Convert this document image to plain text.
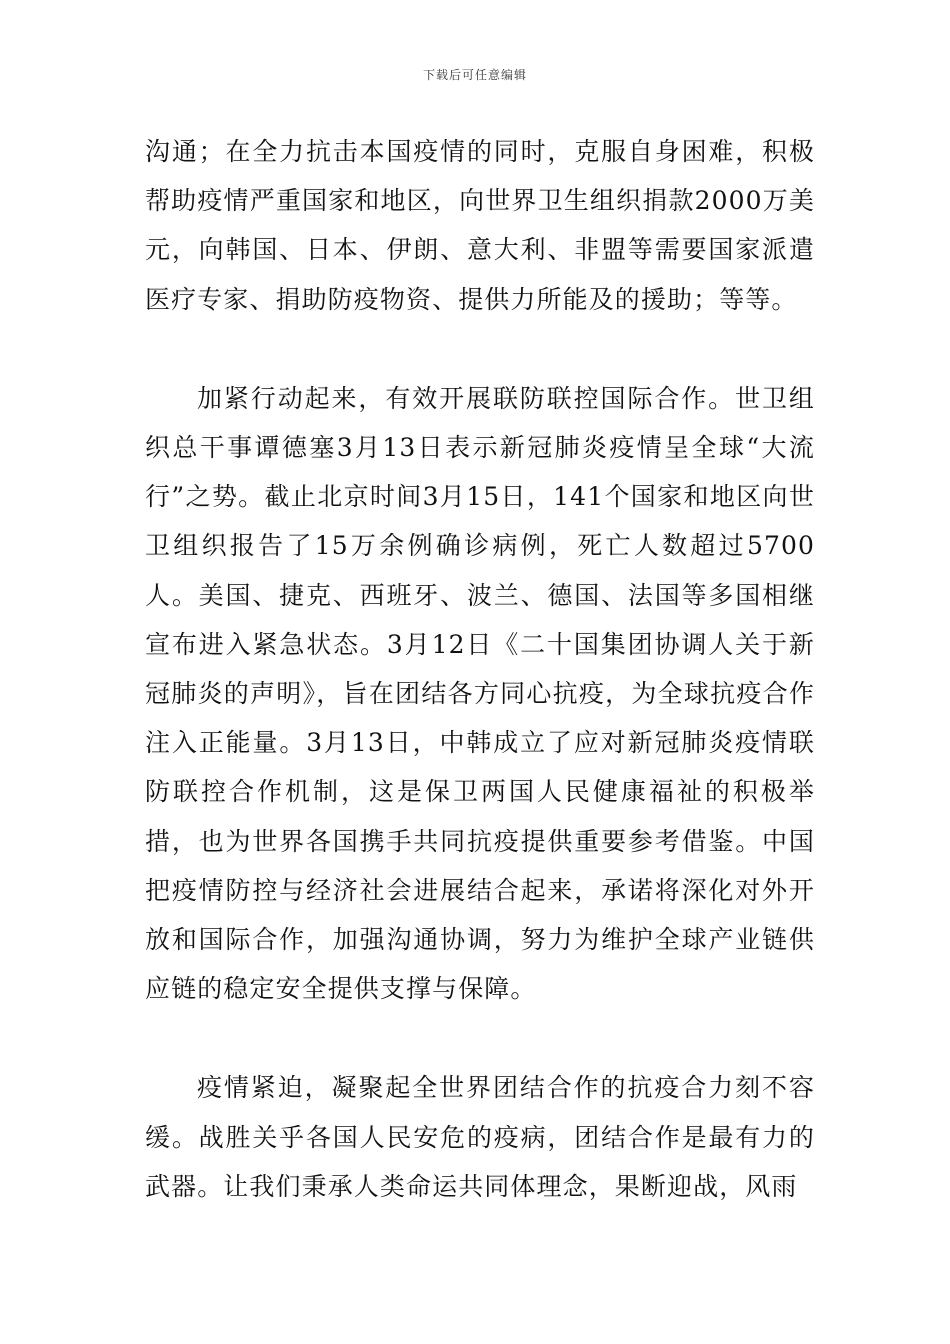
下载后可任意编辑

沟通；在全力抗击本国疫情的同时，克服自身困难，积极帮助疫情严重国家和地区，向世界卫生组织捐款2000万美元，向韩国、日本、伊朗、意大利、非盟等需要国家派遣医疗专家、捐助防疫物资、提供力所能及的援助；等等。

加紧行动起来，有效开展联防联控国际合作。世卫组织总干事谭德塞3月13日表示新冠肺炎疫情呈全球“大流行”之势。截止北京时间3月15日，141个国家和地区向世卫组织报告了15万余例确诊病例，死亡人数超过5700人。美国、捷克、西班牙、波兰、德国、法国等多国相继宣布进入紧急状态。3月12日《二十国集团协调人关于新冠肺炎的声明》，旨在团结各方同心抗疫，为全球抗疫合作注入正能量。3月13日，中韩成立了应对新冠肺炎疫情联防联控合作机制，这是保卫两国人民健康福祉的积极举措，也为世界各国携手共同抗疫提供重要参考借鉴。中国把疫情防控与经济社会进展结合起来，承诺将深化对外开放和国际合作，加强沟通协调，努力为维护全球产业链供应链的稳定安全提供支撑与保障。

疫情紧迫，凝聚起全世界团结合作的抗疫合力刻不容缓。战胜关乎各国人民安危的疫病，团结合作是最有力的武器。让我们秉承人类命运共同体理念，果断迎战，风雨
